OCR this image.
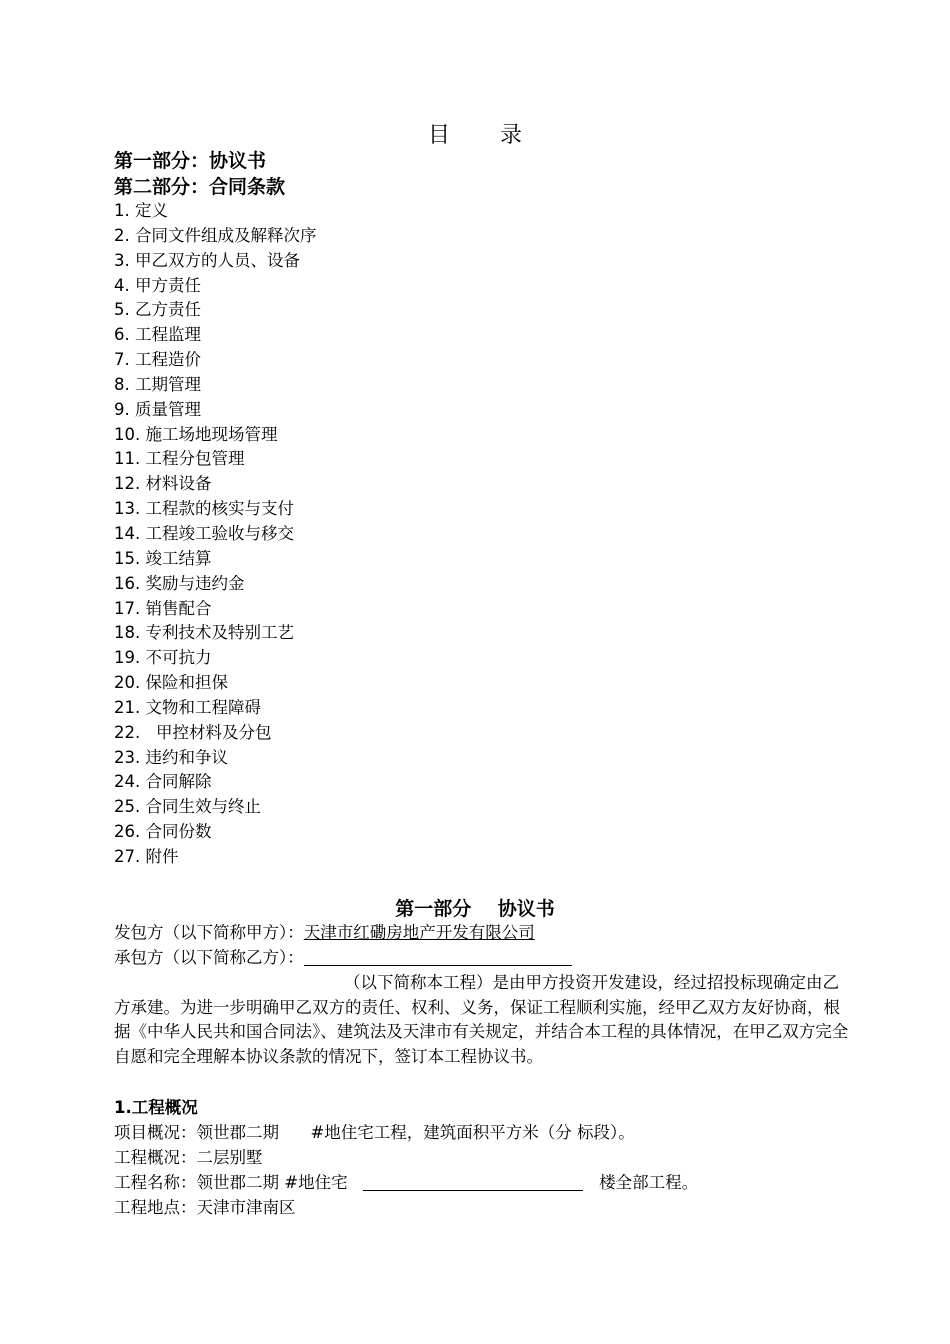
目录
第一部分：协议书
第二部分：合同条款
1. 定义
2. 合同文件组成及解释次序
3. 甲乙双方的人员、设备
4. 甲方责任
5. 乙方责任
6. 工程监理
7. 工程造价
8. 工期管理
9. 质量管理
10. 施工场地现场管理
11. 工程分包管理
12. 材料设备
13. 工程款的核实与支付
14. 工程竣工验收与移交
15. 竣工结算
16. 奖励与违约金
17. 销售配合
18. 专利技术及特别工艺
19. 不可抗力
20. 保险和担保
21. 文物和工程障碍
22.   甲控材料及分包
23. 违约和争议
24. 合同解除
25. 合同生效与终止
26. 合同份数
27. 附件
第一部分    协议书
发包方（以下简称甲方）：天津市红磡房地产开发有限公司
承包方（以下简称乙方）：
（以下简称本工程）是由甲方投资开发建设，经过招投标现确定由乙方承建。为进一步明确甲乙双方的责任、权利、义务，保证工程顺利实施，经甲乙双方友好协商，根据《中华人民共和国合同法》、建筑法及天津市有关规定，并结合本工程的具体情况，在甲乙双方完全自愿和完全理解本协议条款的情况下，签订本工程协议书。
1.工程概况
项目概况：领世郡二期      #地住宅工程，建筑面积平方米（分 标段）。
工程概况：二层别墅
工程名称：领世郡二期 #地住宅	楼全部工程。
工程地点：天津市津南区
